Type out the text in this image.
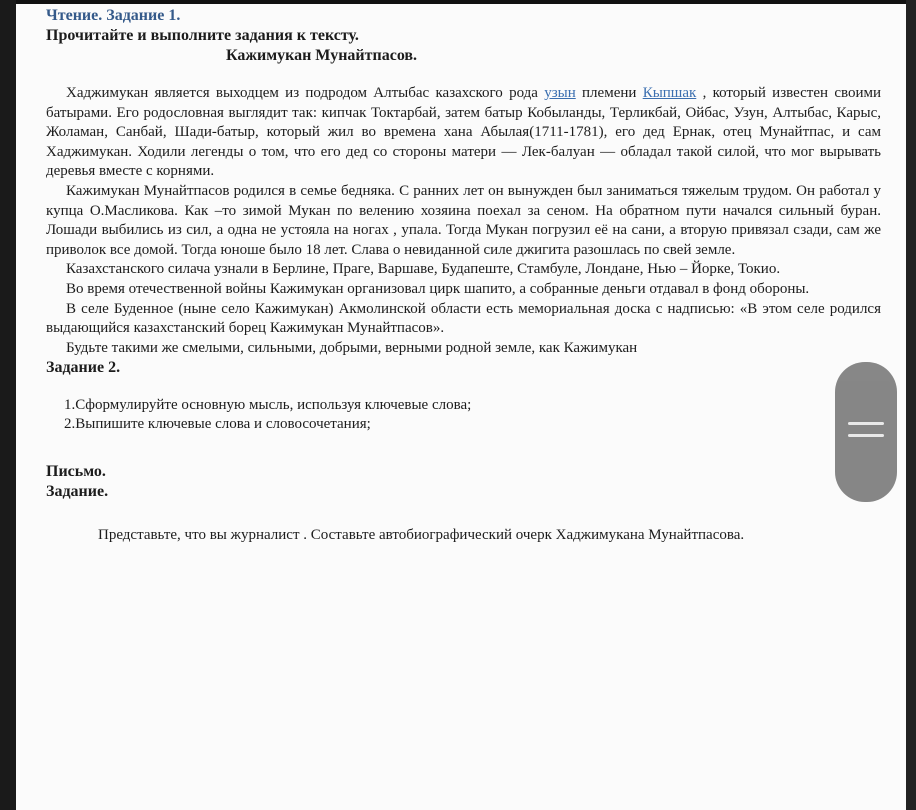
Чтение. Задание 1.

Прочитайте и выполните задания к тексту.

Кажимукан Мунайтпасов.

Хаджимукан является выходцем из подродом Алтыбас казахского рода узын племени Кыпшак , который известен своими батырами. Его родословная выглядит так: кипчак Токтарбай, затем батыр Кобыланды, Терликбай, Ойбас, Узун, Алтыбас, Карыс, Жоламан, Санбай, Шади-батыр, который жил во времена хана Абылая(1711-1781), его дед Ернак, отец Мунайтпас, и сам Хаджимукан. Ходили легенды о том, что его дед со стороны матери — Лек-балуан — обладал такой силой, что мог вырывать деревья вместе с корнями.

Кажимукан Мунайтпасов родился в семье бедняка. С ранних лет он вынужден был заниматься тяжелым трудом. Он работал у купца О.Масликова. Как –то зимой Мукан по велению хозяина поехал за сеном. На обратном пути начался сильный буран. Лошади выбились из сил, а одна не устояла на ногах , упала. Тогда Мукан погрузил её на сани, а вторую привязал сзади, сам же приволок все домой. Тогда юноше было 18 лет. Слава о невиданной силе джигита разошлась по свей земле.

Казахстанского силача узнали в Берлине, Праге, Варшаве, Будапеште, Стамбуле, Лондане, Нью – Йорке, Токио.

Во время отечественной войны Кажимукан организовал цирк шапито, а собранные деньги отдавал в фонд обороны.

В селе Буденное (ныне село Кажимукан) Акмолинской области есть мемориальная доска с надписью: «В этом селе родился выдающийся казахстанский борец Кажимукан Мунайтпасов».

Будьте такими же смелыми, сильными, добрыми, верными родной земле, как Кажимукан

Задание 2.

1.Сформулируйте основную мысль, используя ключевые слова;
2.Выпишите ключевые слова и словосочетания;

Письмо.

Задание.

Представьте, что вы журналист . Составьте автобиографический очерк Хаджимукана Мунайтпасова.
